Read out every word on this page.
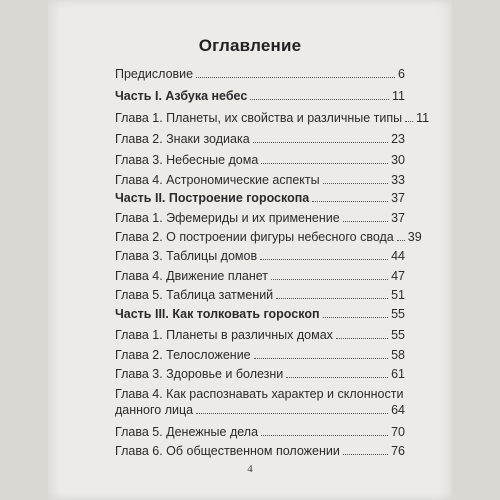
Оглавление
Предисловие	6
Часть I. Азбука небес	11
Глава 1. Планеты, их свойства и различные типы 11
Глава 2. Знаки зодиака	23
Глава 3. Небесные дома	30
Глава 4. Астрономические аспекты	33
Часть II. Построение гороскопа	37
Глава 1. Эфемериды и их применение	37
Глава 2. О построении фигуры небесного свода 39
Глава 3. Таблицы домов	44
Глава 4. Движение планет	47
Глава 5. Таблица затмений	51
Часть III. Как толковать гороскоп	55
Глава 1. Планеты в различных домах	55
Глава 2. Телосложение	58
Глава 3. Здоровье и болезни	61
Глава 4. Как распознавать характер и склонности
данного лица	64
Глава 5. Денежные дела	70
Глава 6. Об общественном положении	76
4
